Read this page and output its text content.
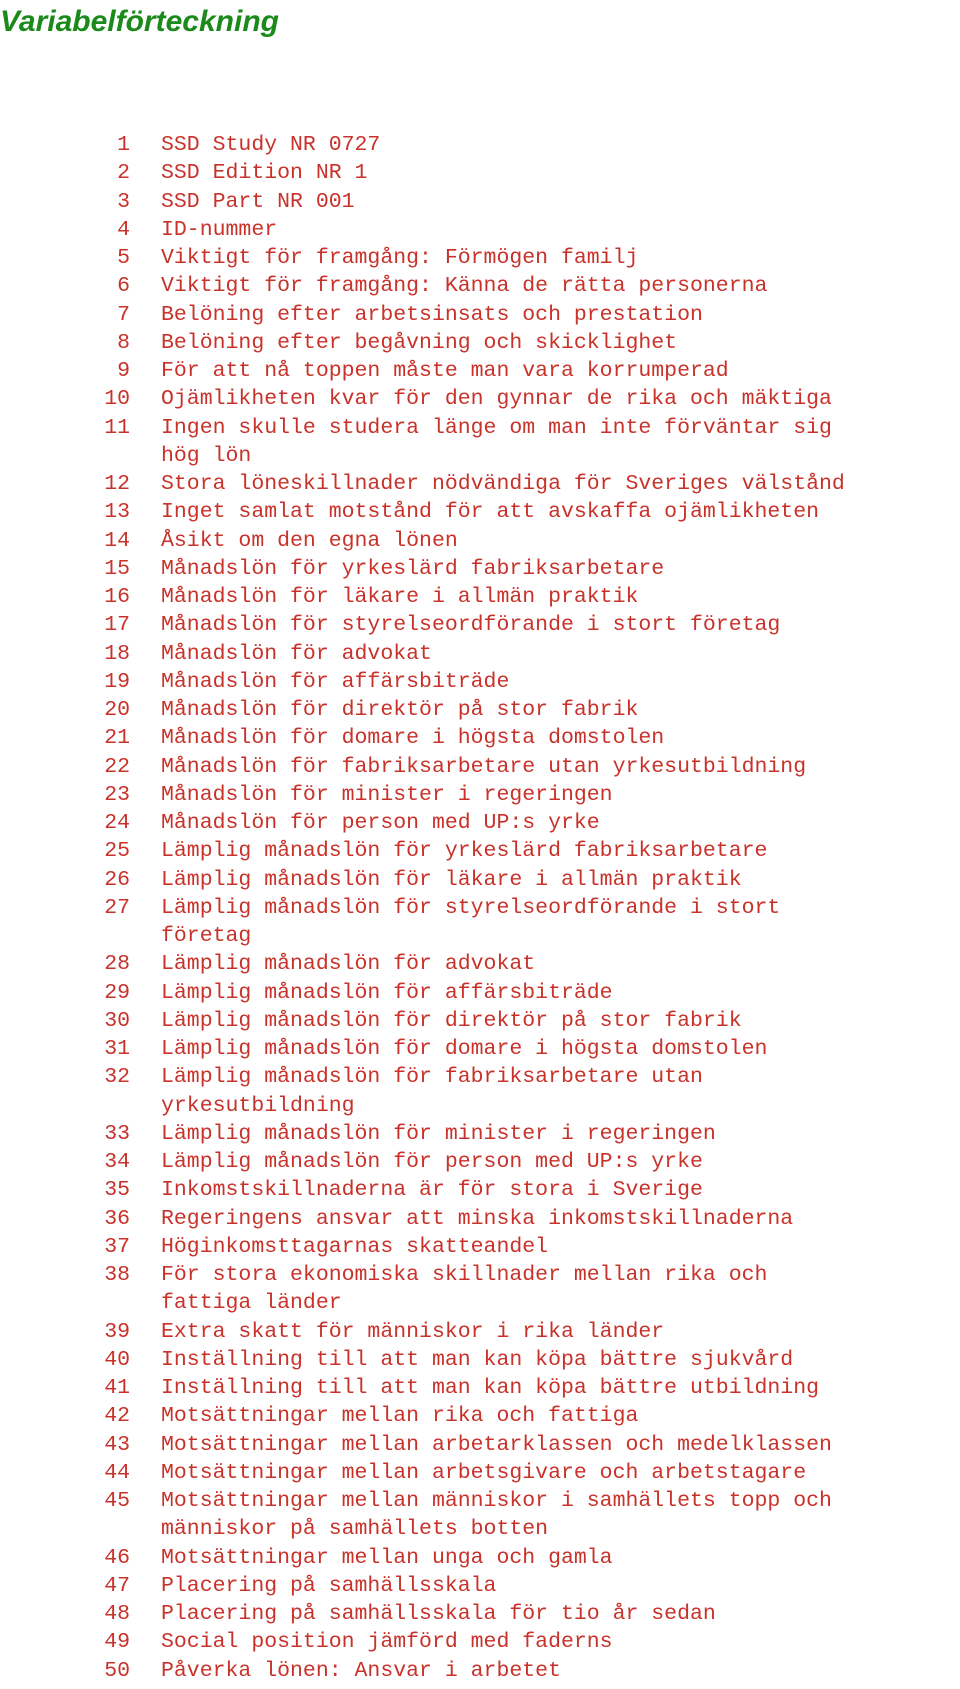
Variabelförteckning
1 SSD Study NR 0727
2 SSD Edition NR 1
3 SSD Part NR 001
4 ID-nummer
5 Viktigt för framgång: Förmögen familj
6 Viktigt för framgång: Känna de rätta personerna
7 Belöning efter arbetsinsats och prestation
8 Belöning efter begåvning och skicklighet
9 För att nå toppen måste man vara korrumperad
10 Ojämlikheten kvar för den gynnar de rika och mäktiga
11 Ingen skulle studera länge om man inte förväntar sig
hög lön
12 Stora löneskillnader nödvändiga för Sveriges välstånd
13 Inget samlat motstånd för att avskaffa ojämlikheten
14 Åsikt om den egna lönen
15 Månadslön för yrkeslärd fabriksarbetare
16 Månadslön för läkare i allmän praktik
17 Månadslön för styrelseordförande i stort företag
18 Månadslön för advokat
19 Månadslön för affärsbiträde
20 Månadslön för direktör på stor fabrik
21 Månadslön för domare i högsta domstolen
22 Månadslön för fabriksarbetare utan yrkesutbildning
23 Månadslön för minister i regeringen
24 Månadslön för person med UP:s yrke
25 Lämplig månadslön för yrkeslärd fabriksarbetare
26 Lämplig månadslön för läkare i allmän praktik
27 Lämplig månadslön för styrelseordförande i stort
företag
28 Lämplig månadslön för advokat
29 Lämplig månadslön för affärsbiträde
30 Lämplig månadslön för direktör på stor fabrik
31 Lämplig månadslön för domare i högsta domstolen
32 Lämplig månadslön för fabriksarbetare utan
yrkesutbildning
33 Lämplig månadslön för minister i regeringen
34 Lämplig månadslön för person med UP:s yrke
35 Inkomstskillnaderna är för stora i Sverige
36 Regeringens ansvar att minska inkomstskillnaderna
37 Höginkomsttagarnas skatteandel
38 För stora ekonomiska skillnader mellan rika och
fattiga länder
39 Extra skatt för människor i rika länder
40 Inställning till att man kan köpa bättre sjukvård
41 Inställning till att man kan köpa bättre utbildning
42 Motsättningar mellan rika och fattiga
43 Motsättningar mellan arbetarklassen och medelklassen
44 Motsättningar mellan arbetsgivare och arbetstagare
45 Motsättningar mellan människor i samhällets topp och
människor på samhällets botten
46 Motsättningar mellan unga och gamla
47 Placering på samhällsskala
48 Placering på samhällsskala för tio år sedan
49 Social position jämförd med faderns
50 Påverka lönen: Ansvar i arbetet
